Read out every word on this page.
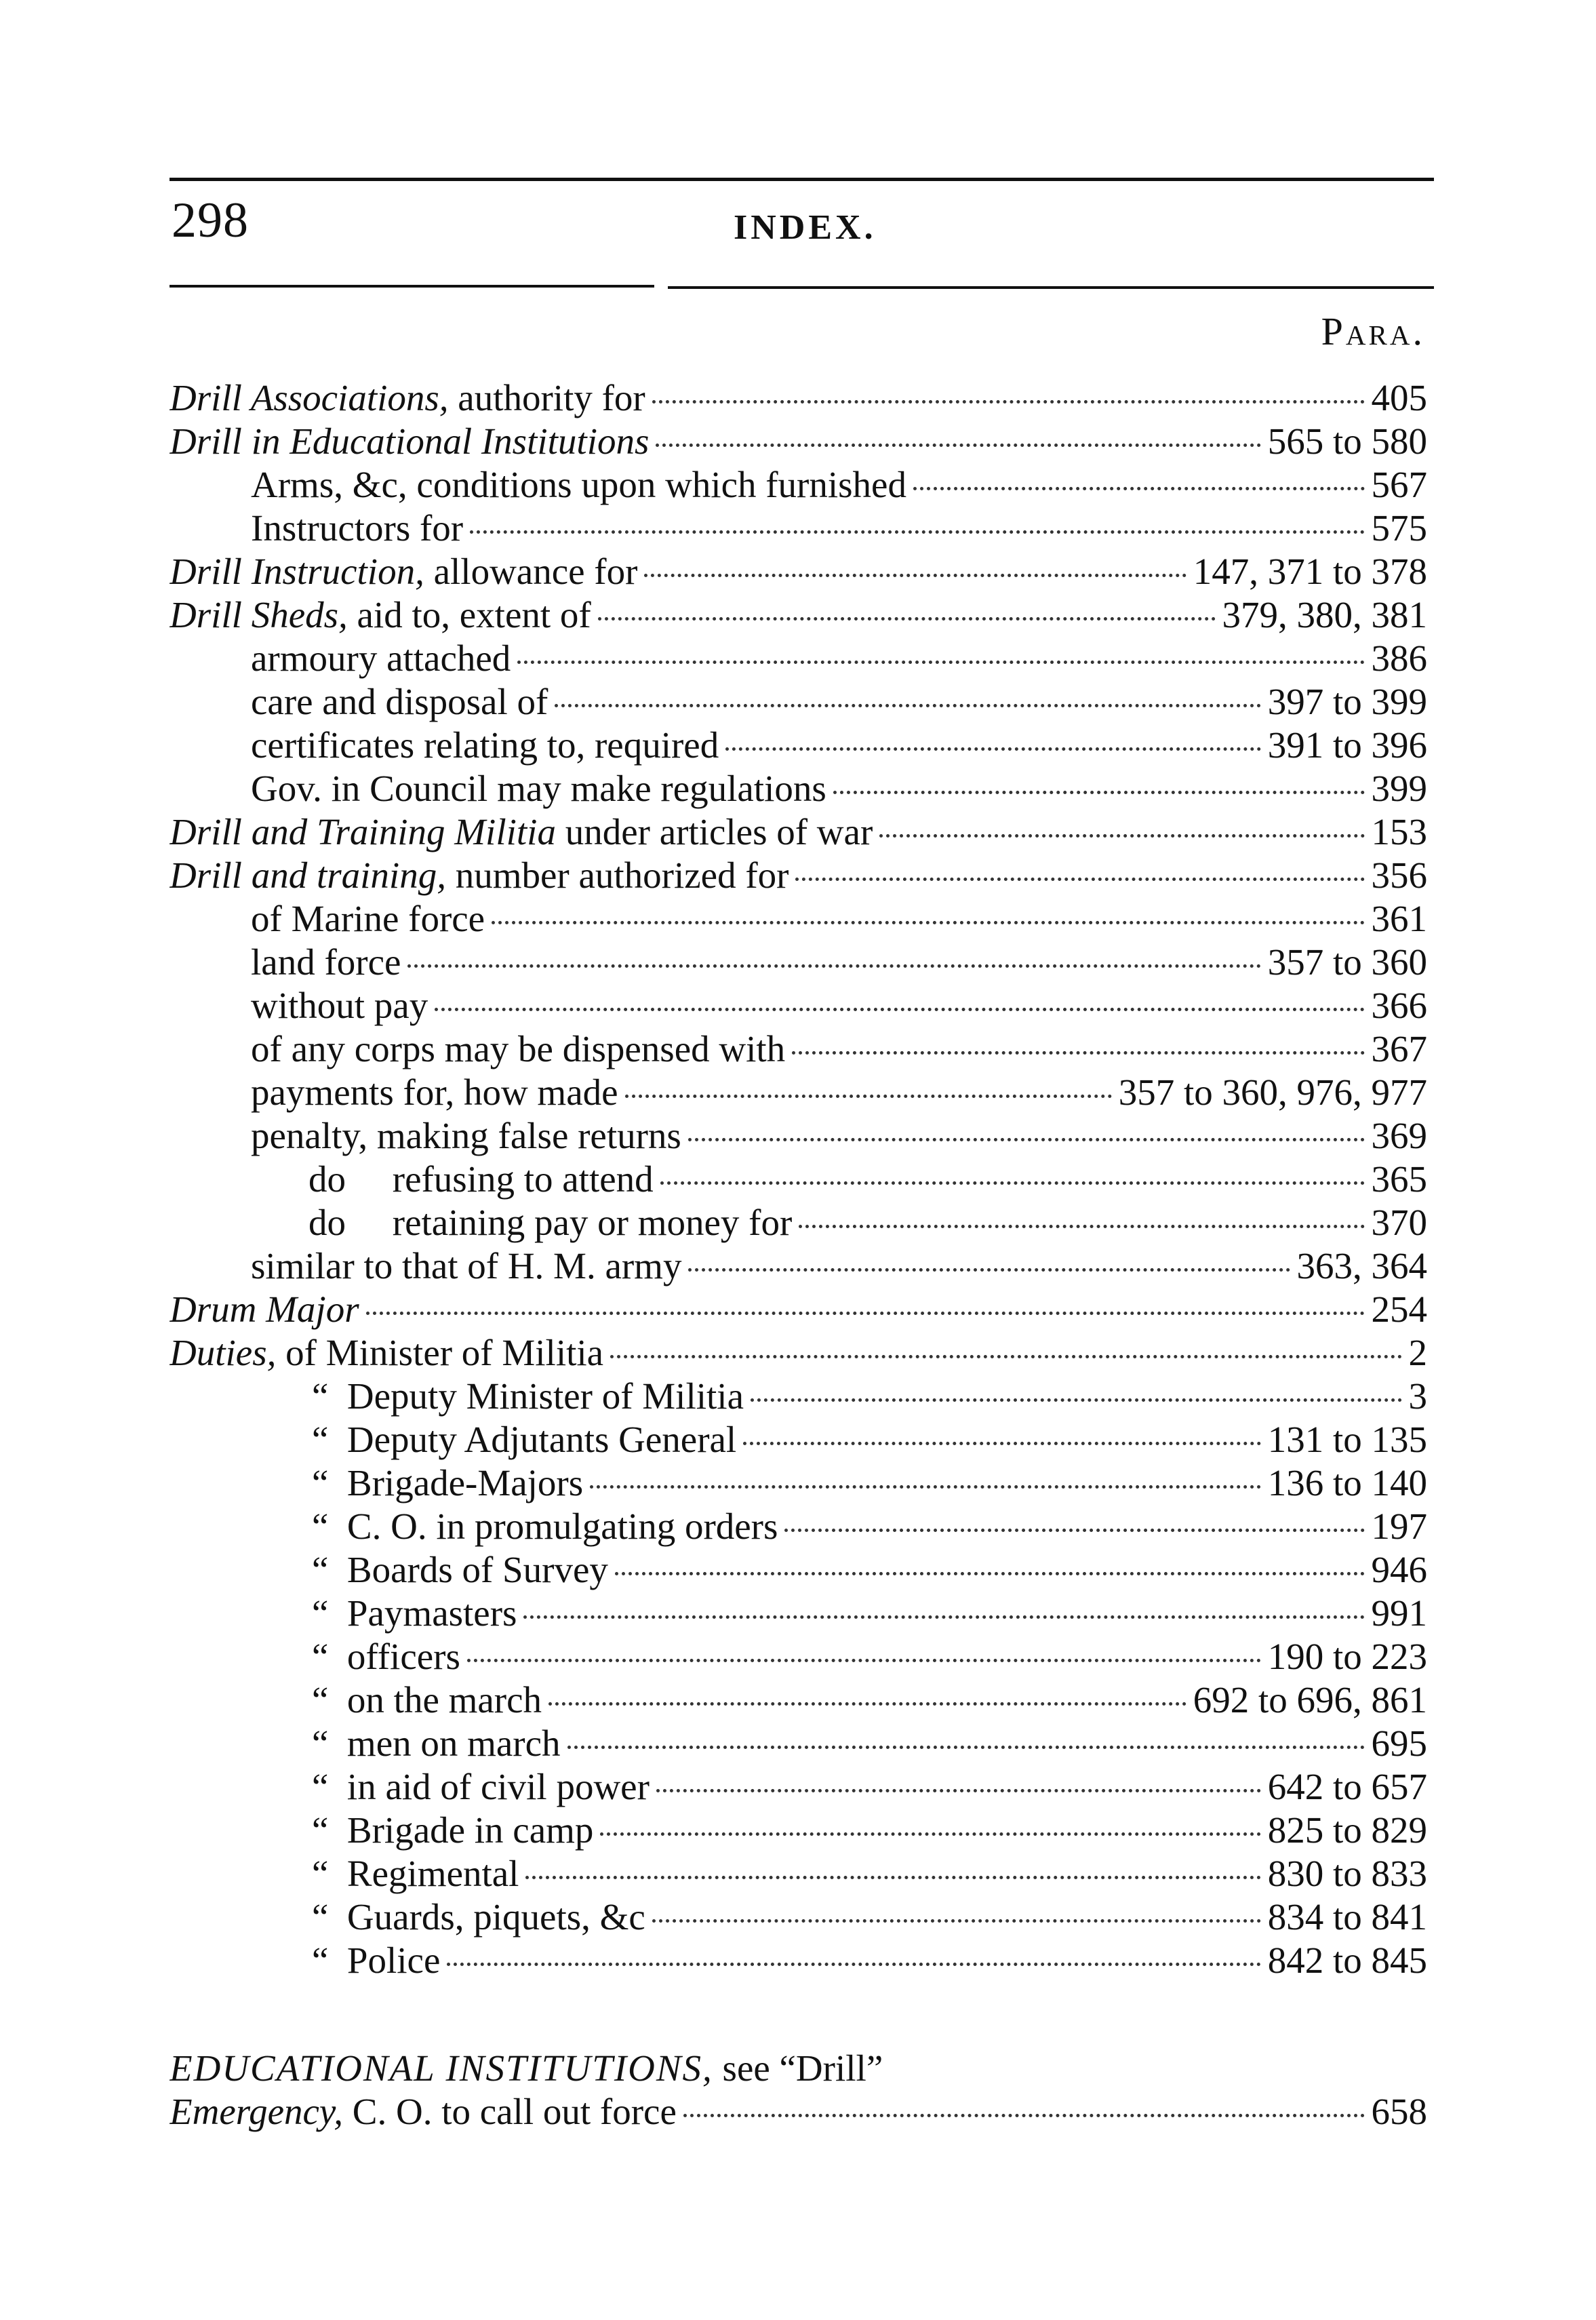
298	INDEX.
Para.
Drill Associations, authority for	405
Drill in Educational Institutions	565 to 580
Arms, &c, conditions upon which furnished	567
Instructors for	575
Drill Instruction, allowance for	147, 371 to 378
Drill Sheds, aid to, extent of	379, 380, 381
armoury attached	386
care and disposal of	397 to 399
certificates relating to, required	391 to 396
Gov. in Council may make regulations	399
Drill and Training Militia under articles of war	153
Drill and training, number authorized for	356
of Marine force	361
land force	357 to 360
without pay	366
of any corps may be dispensed with	367
payments for, how made	357 to 360, 976, 977
penalty, making false returns	369
do     refusing to attend	365
do     retaining pay or money for	370
similar to that of H. M. army	363, 364
Drum Major	254
Duties, of Minister of Militia	2
“  Deputy Minister of Militia	3
“  Deputy Adjutants General	131 to 135
“  Brigade-Majors	136 to 140
“  C. O. in promulgating orders	197
“  Boards of Survey	946
“  Paymasters	991
“  officers	190 to 223
“  on the march	692 to 696, 861
“  men on march	695
“  in aid of civil power	642 to 657
“  Brigade in camp	825 to 829
“  Regimental	830 to 833
“  Guards, piquets, &c	834 to 841
“  Police	842 to 845
EDUCATIONAL INSTITUTIONS, see “Drill”
Emergency, C. O. to call out force	658
